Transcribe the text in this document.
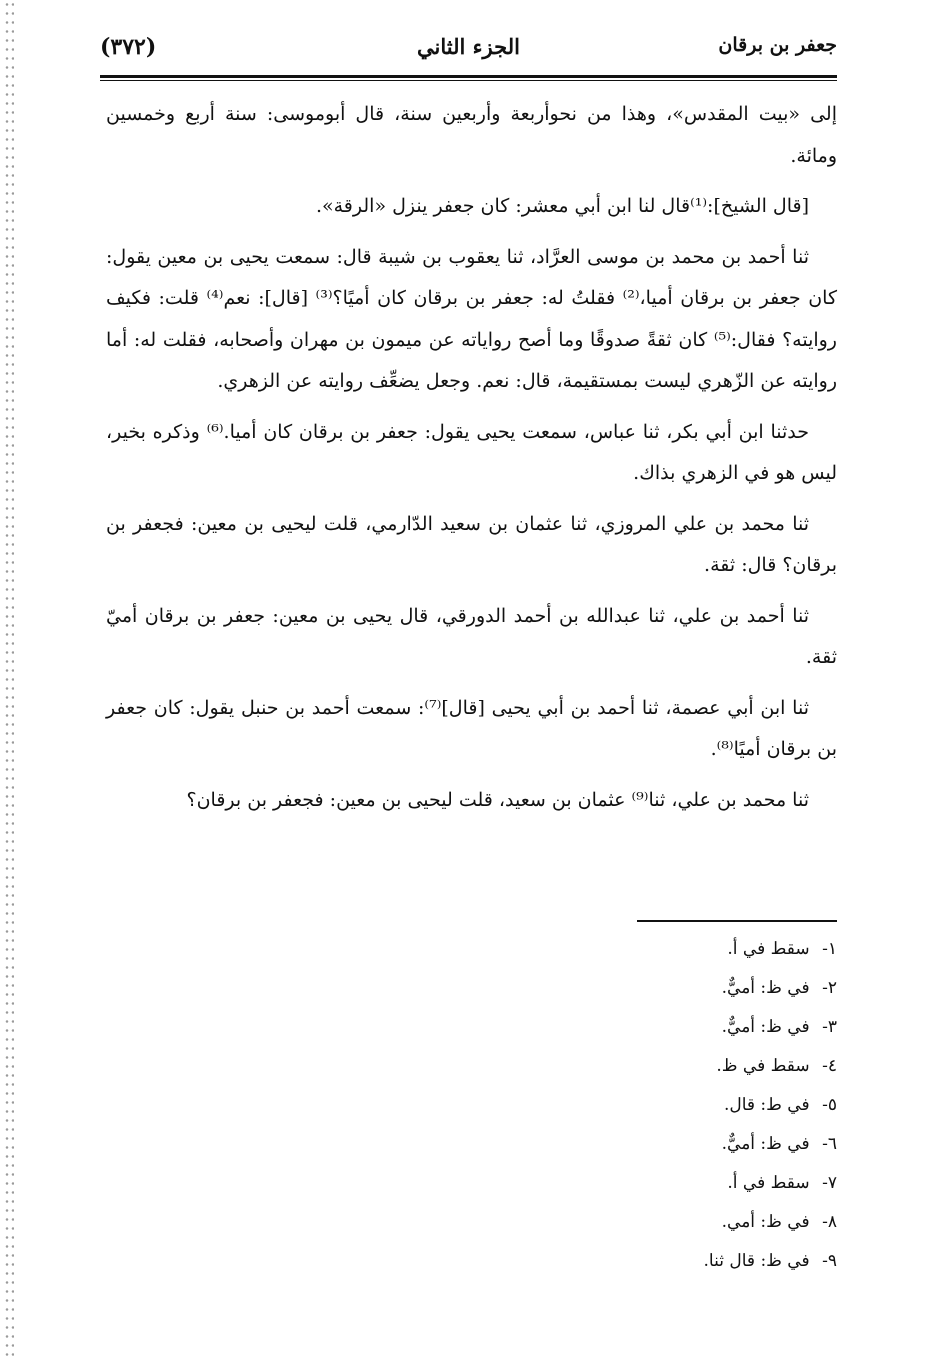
(٣٧٢)	الجزء الثاني	جعفر بن برقان

إلى «بيت المقدس»، وهذا من نحوأربعة وأربعين سنة، قال أبوموسى: سنة أربع وخمسين ومائة.

[قال الشيخ]:⁽¹⁾قال لنا ابن أبي معشر: كان جعفر ينزل «الرقة».

ثنا أحمد بن محمد بن موسى العرَّاد، ثنا يعقوب بن شيبة قال: سمعت يحيى بن معين يقول: كان جعفر بن برقان أميا،⁽²⁾ فقلتُ له: جعفر بن برقان كان أميًا؟⁽³⁾ [قال]: نعم⁽⁴⁾ قلت: فكيف روايته؟ فقال:⁽⁵⁾ كان ثقةً صدوقًا وما أصح رواياته عن ميمون بن مهران وأصحابه، فقلت له: أما روايته عن الزّهري ليست بمستقيمة، قال: نعم. وجعل يضعِّف روايته عن الزهري.

حدثنا ابن أبي بكر، ثنا عباس، سمعت يحيى يقول: جعفر بن برقان كان أميا.⁽⁶⁾ وذكره بخير، ليس هو في الزهري بذاك.

ثنا محمد بن علي المروزي، ثنا عثمان بن سعيد الدّارمي، قلت ليحيى بن معين: فجعفر بن برقان؟ قال: ثقة.

ثنا أحمد بن علي، ثنا عبدالله بن أحمد الدورقي، قال يحيى بن معين: جعفر بن برقان أميّ ثقة.

ثنا ابن أبي عصمة، ثنا أحمد بن أبي يحيى [قال]⁽⁷⁾: سمعت أحمد بن حنبل يقول: كان جعفر بن برقان أميًا⁽⁸⁾.

ثنا محمد بن علي، ثنا⁽⁹⁾ عثمان بن سعيد، قلت ليحيى بن معين: فجعفر بن برقان؟

١- سقط في أ.
٢- في ظ: أميٌّ.
٣- في ظ: أميٌّ.
٤- سقط في ظ.
٥- في ط: قال.
٦- في ظ: أميٌّ.
٧- سقط في أ.
٨- في ظ: أمي.
٩- في ظ: قال ثنا.
